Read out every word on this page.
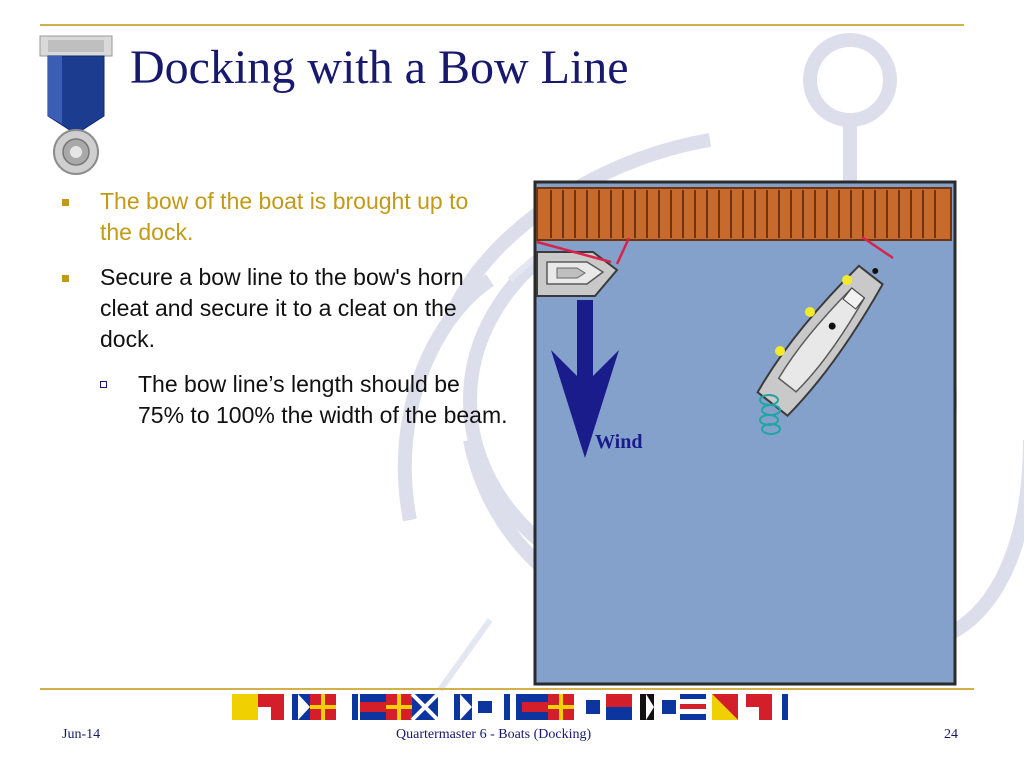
Docking with a Bow Line
The bow of the boat is brought up to the dock.
Secure a bow line to the bow's horn cleat and secure it to a cleat on the dock.
The bow line’s length should be 75% to 100% the width of the beam.
Wind
Jun-14	Quartermaster 6 - Boats (Docking)	24
